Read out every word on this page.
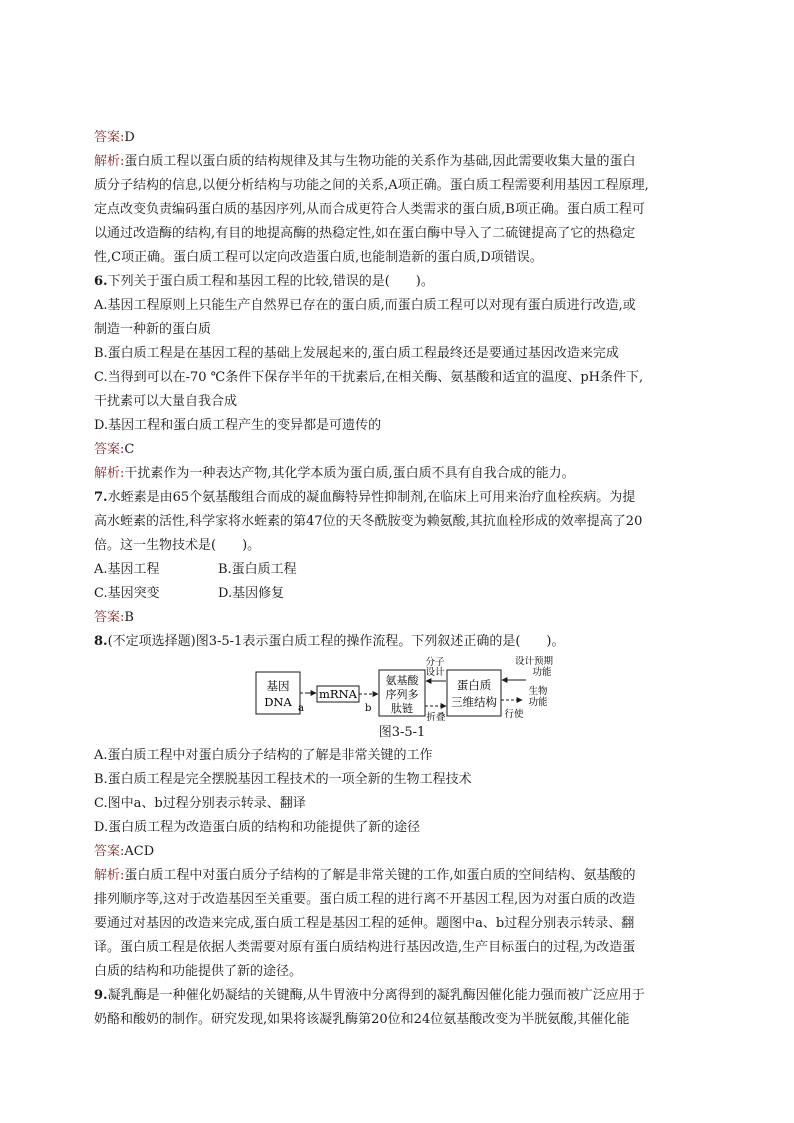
答案:D
解析:蛋白质工程以蛋白质的结构规律及其与生物功能的关系作为基础,因此需要收集大量的蛋白
质分子结构的信息,以便分析结构与功能之间的关系,A项正确。蛋白质工程需要利用基因工程原理,
定点改变负责编码蛋白质的基因序列,从而合成更符合人类需求的蛋白质,B项正确。蛋白质工程可
以通过改造酶的结构,有目的地提高酶的热稳定性,如在蛋白酶中导入了二硫键提高了它的热稳定
性,C项正确。蛋白质工程可以定向改造蛋白质,也能制造新的蛋白质,D项错误。
6.下列关于蛋白质工程和基因工程的比较,错误的是(　　)。
A.基因工程原则上只能生产自然界已存在的蛋白质,而蛋白质工程可以对现有蛋白质进行改造,或
制造一种新的蛋白质
B.蛋白质工程是在基因工程的基础上发展起来的,蛋白质工程最终还是要通过基因改造来完成
C.当得到可以在-70 ℃条件下保存半年的干扰素后,在相关酶、氨基酸和适宜的温度、pH条件下,
干扰素可以大量自我合成
D.基因工程和蛋白质工程产生的变异都是可遗传的
答案:C
解析:干扰素作为一种表达产物,其化学本质为蛋白质,蛋白质不具有自我合成的能力。
7.水蛭素是由65个氨基酸组合而成的凝血酶特异性抑制剂,在临床上可用来治疗血栓疾病。为提
高水蛭素的活性,科学家将水蛭素的第47位的天冬酰胺变为赖氨酸,其抗血栓形成的效率提高了20
倍。这一生物技术是(　　)。
A.基因工程	B.蛋白质工程
C.基因突变	D.基因修复
答案:B
8.(不定项选择题)图3-5-1表示蛋白质工程的操作流程。下列叙述正确的是(　　)。
基因
DNA a
mRNA
b
氨基酸
序列多
肽链
分子
设计
折叠
蛋白质
三维结构
设计预期
功能
生物
功能
行使
图3-5-1
A.蛋白质工程中对蛋白质分子结构的了解是非常关键的工作
B.蛋白质工程是完全摆脱基因工程技术的一项全新的生物工程技术
C.图中a、b过程分别表示转录、翻译
D.蛋白质工程为改造蛋白质的结构和功能提供了新的途径
答案:ACD
解析:蛋白质工程中对蛋白质分子结构的了解是非常关键的工作,如蛋白质的空间结构、氨基酸的
排列顺序等,这对于改造基因至关重要。蛋白质工程的进行离不开基因工程,因为对蛋白质的改造
要通过对基因的改造来完成,蛋白质工程是基因工程的延伸。题图中a、b过程分别表示转录、翻
译。蛋白质工程是依据人类需要对原有蛋白质结构进行基因改造,生产目标蛋白的过程,为改造蛋
白质的结构和功能提供了新的途径。
9.凝乳酶是一种催化奶凝结的关键酶,从牛胃液中分离得到的凝乳酶因催化能力强而被广泛应用于
奶酪和酸奶的制作。研究发现,如果将该凝乳酶第20位和24位氨基酸改变为半胱氨酸,其催化能
